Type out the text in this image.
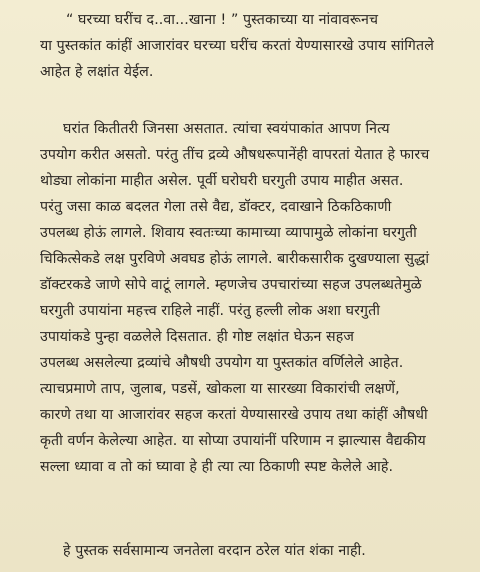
“ घरच्या घरींच द..वा...खाना ! ” पुस्तकाच्या या नांवावरूनच
या पुस्तकांत कांहीं आजारांवर घरच्या घरींच करतां येण्यासारखे उपाय सांगितले
आहेत हे लक्षांत येईल.
घरांत कितीतरी जिनसा असतात. त्यांचा स्वयंपाकांत आपण नित्य
उपयोग करीत असतो. परंतु तींच द्रव्ये औषधरूपानेंही वापरतां येतात हे फारच
थोड्या लोकांना माहीत असेल. पूर्वी घरोघरी घरगुती उपाय माहीत असत.
परंतु जसा काळ बदलत गेला तसे वैद्य, डॉक्टर, दवाखाने ठिकठिकाणी
उपलब्ध होऊं लागले. शिवाय स्वतःच्या कामाच्या व्यापामुळे लोकांना घरगुती
चिकित्सेकडे लक्ष पुरविणे अवघड होऊं लागले. बारीकसारीक दुखण्याला सुद्धां
डॉक्टरकडे जाणे सोपे वाटूं लागले. म्हणजेच उपचारांच्या सहज उपलब्धतेमुळे
घरगुती उपायांना महत्त्व राहिले नाहीं. परंतु हल्ली लोक अशा घरगुती
उपायांकडे पुन्हा वळलेले दिसतात. ही गोष्ट लक्षांत घेऊन सहज
उपलब्ध असलेल्या द्रव्यांचे औषधी उपयोग या पुस्तकांत वर्णिलेले आहेत.
त्याचप्रमाणे ताप, जुलाब, पडसें, खोकला या सारख्या विकारांची लक्षणें,
कारणे तथा या आजारांवर सहज करतां येण्यासारखे उपाय तथा कांहीं औषधी
कृती वर्णन केलेल्या आहेत. या सोप्या उपायांनीं परिणाम न झाल्यास वैद्यकीय
सल्ला ध्यावा व तो कां घ्यावा हे ही त्या त्या ठिकाणी स्पष्ट केलेले आहे.
हे पुस्तक सर्वसामान्य जनतेला वरदान ठरेल यांत शंका नाही.
